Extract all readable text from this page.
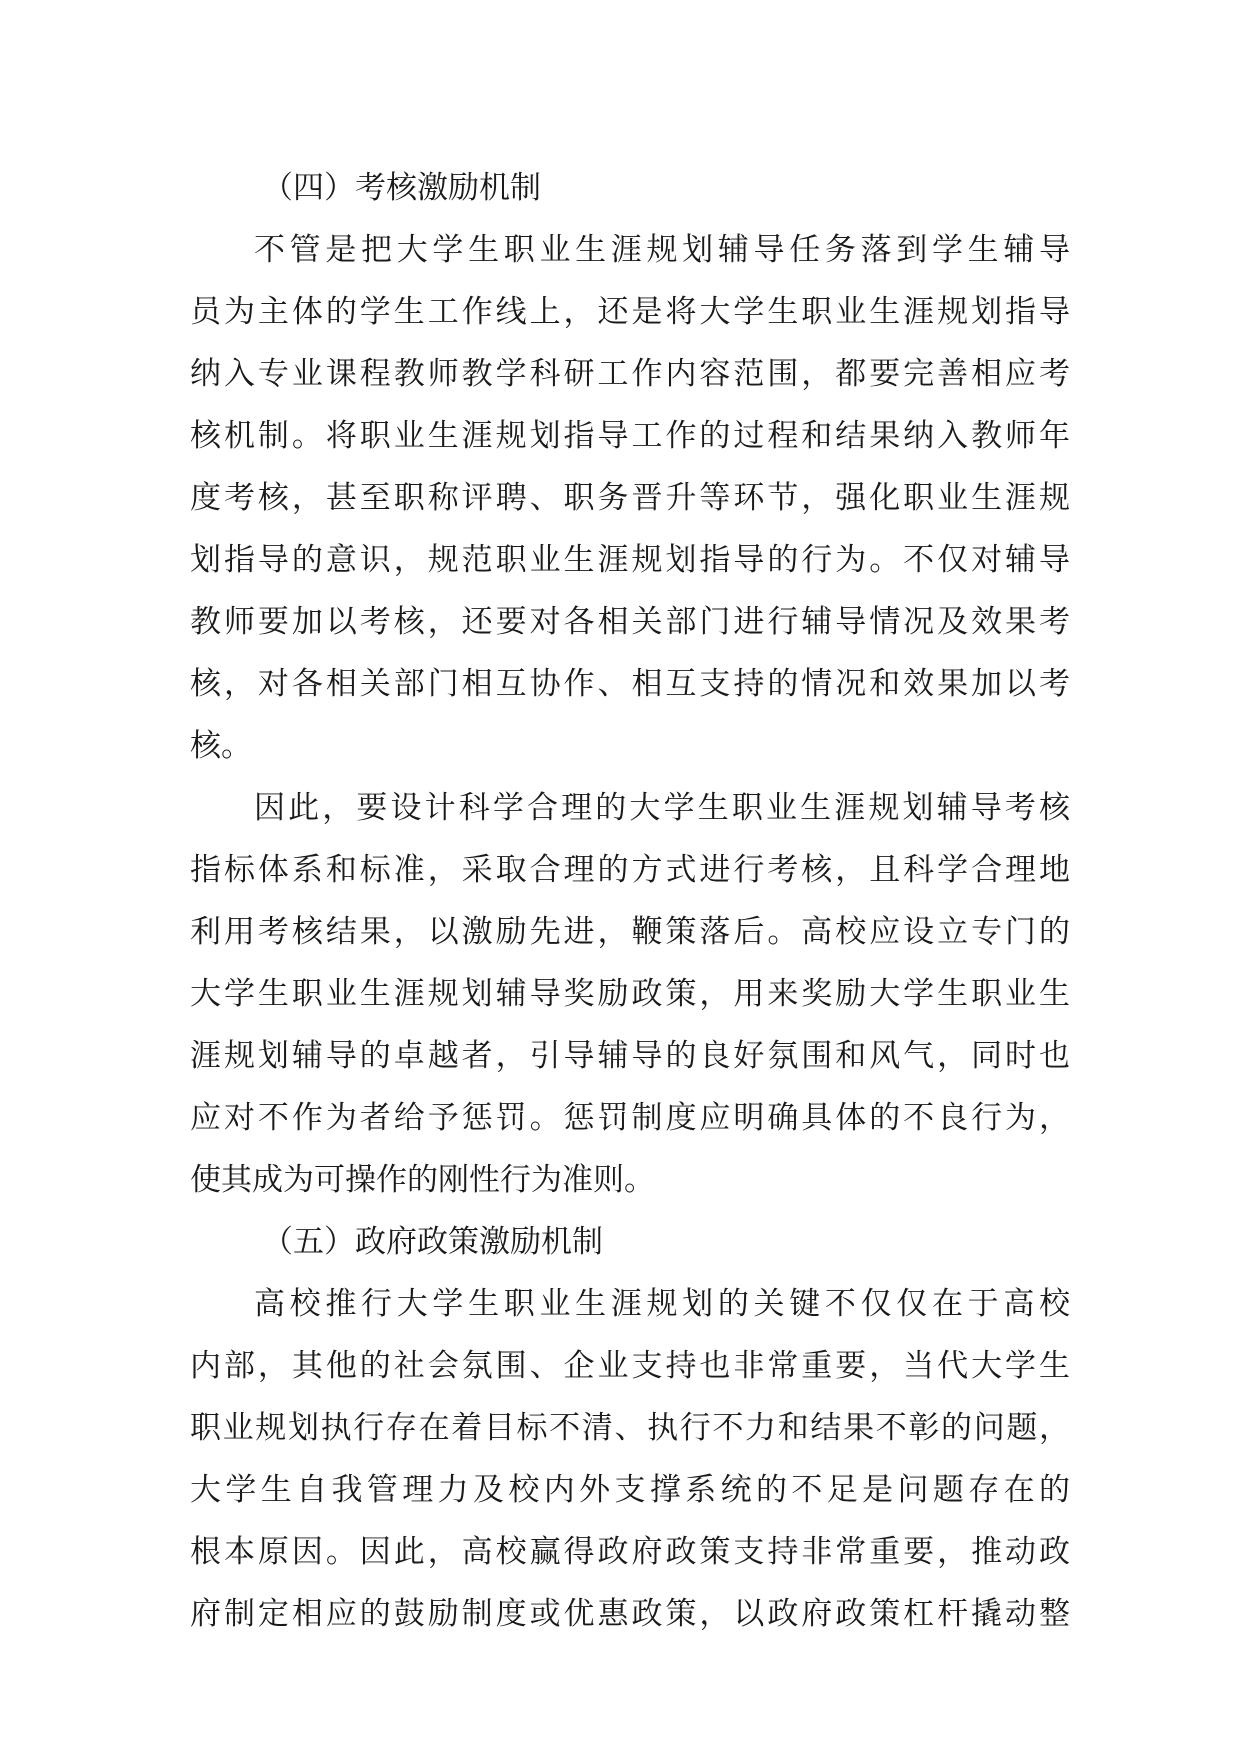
（四）考核激励机制
不管是把大学生职业生涯规划辅导任务落到学生辅导
员为主体的学生工作线上，还是将大学生职业生涯规划指导
纳入专业课程教师教学科研工作内容范围，都要完善相应考
核机制。将职业生涯规划指导工作的过程和结果纳入教师年
度考核，甚至职称评聘、职务晋升等环节，强化职业生涯规
划指导的意识，规范职业生涯规划指导的行为。不仅对辅导
教师要加以考核，还要对各相关部门进行辅导情况及效果考
核，对各相关部门相互协作、相互支持的情况和效果加以考
核。
因此，要设计科学合理的大学生职业生涯规划辅导考核
指标体系和标准，采取合理的方式进行考核，且科学合理地
利用考核结果，以激励先进，鞭策落后。高校应设立专门的
大学生职业生涯规划辅导奖励政策，用来奖励大学生职业生
涯规划辅导的卓越者，引导辅导的良好氛围和风气，同时也
应对不作为者给予惩罚。惩罚制度应明确具体的不良行为，
使其成为可操作的刚性行为准则。
（五）政府政策激励机制
高校推行大学生职业生涯规划的关键不仅仅在于高校
内部，其他的社会氛围、企业支持也非常重要，当代大学生
职业规划执行存在着目标不清、执行不力和结果不彰的问题，
大学生自我管理力及校内外支撑系统的不足是问题存在的
根本原因。因此，高校赢得政府政策支持非常重要，推动政
府制定相应的鼓励制度或优惠政策，以政府政策杠杆撬动整
